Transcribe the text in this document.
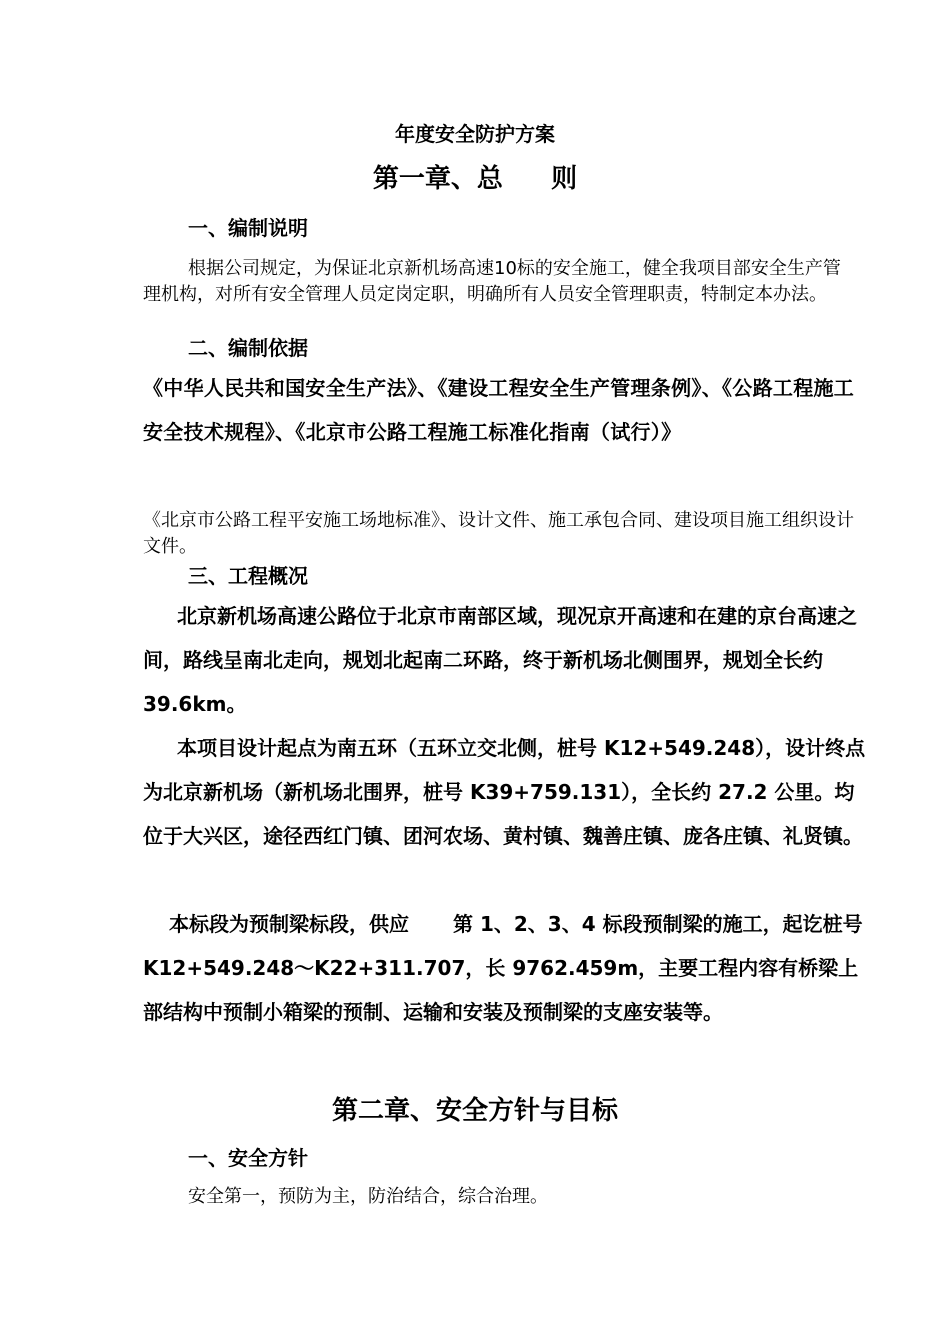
年度安全防护方案
第一章、总 则
一、编制说明

根据公司规定，为保证北京新机场高速10标的安全施工，健全我项目部安全生产管理机构，对所有安全管理人员定岗定职，明确所有人员安全管理职责，特制定本办法。

二、编制依据

《中华人民共和国安全生产法》、《建设工程安全生产管理条例》、《公路工程施工安全技术规程》、《北京市公路工程施工标准化指南（试行）》

《北京市公路工程平安施工场地标准》、设计文件、施工承包合同、建设项目施工组织设计文件。

三、工程概况

北京新机场高速公路位于北京市南部区域，现况京开高速和在建的京台高速之间，路线呈南北走向，规划北起南二环路，终于新机场北侧围界，规划全长约 39.6km。

本项目设计起点为南五环（五环立交北侧，桩号 K12+549.248），设计终点为北京新机场（新机场北围界，桩号 K39+759.131），全长约 27.2 公里。均位于大兴区，途径西红门镇、团河农场、黄村镇、魏善庄镇、庞各庄镇、礼贤镇。

本标段为预制梁标段，供应 第 1、2、3、4 标段预制梁的施工，起讫桩号 K12+549.248～K22+311.707，长 9762.459m，主要工程内容有桥梁上部结构中预制小箱梁的预制、运输和安装及预制梁的支座安装等。

第二章、安全方针与目标
一、安全方针

安全第一，预防为主，防治结合，综合治理。
